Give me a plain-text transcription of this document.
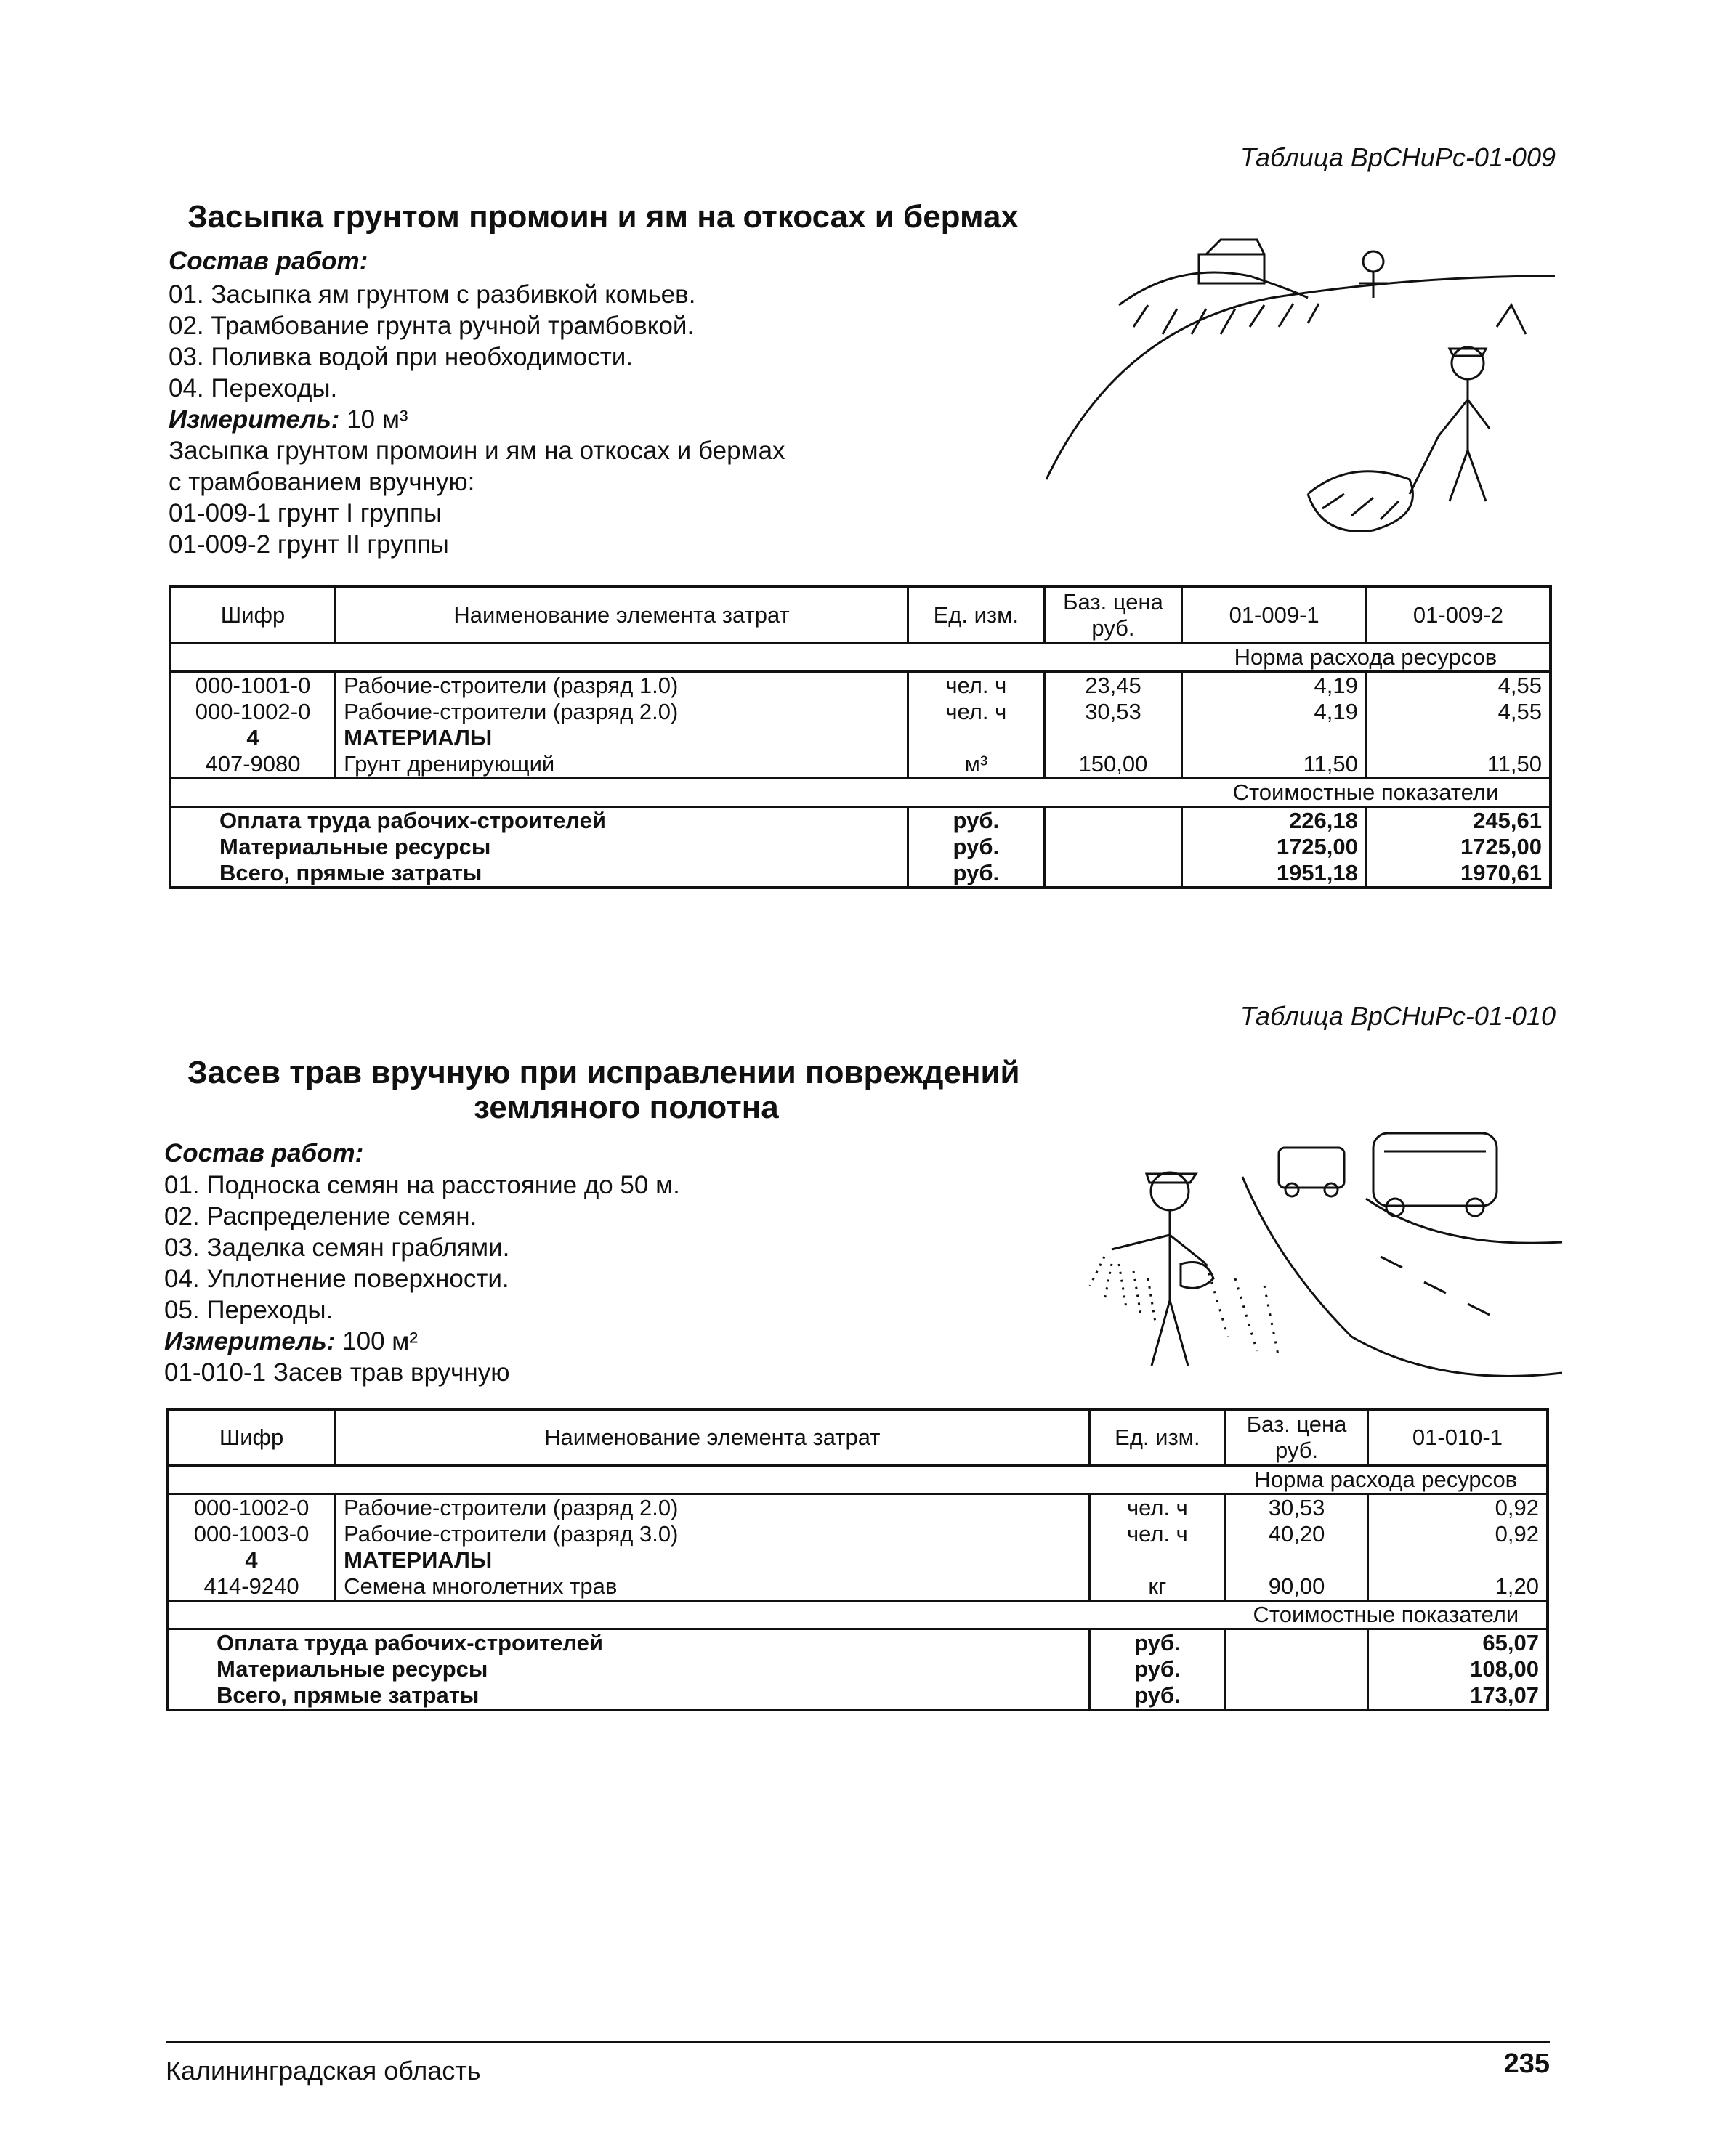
Таблица ВрСНиРс-01-009
Засыпка грунтом промоин и ям на откосах и бермах
Состав работ:
01. Засыпка ям грунтом с разбивкой комьев.
02. Трамбование грунта ручной трамбовкой.
03. Поливка водой при необходимости.
04. Переходы.
Измеритель: 10 м³
Засыпка грунтом промоин и ям на откосах и бермах
с трамбованием вручную:
01-009-1 грунт I группы
01-009-2 грунт II группы
Шифр	Наименование элемента затрат	Ед. изм.	Баз. цена руб.	01-009-1	01-009-2
				Норма расхода ресурсов	
000-1001-0	Рабочие-строители (разряд 1.0)	чел. ч	23,45	4,19	4,55
000-1002-0	Рабочие-строители (разряд 2.0)	чел. ч	30,53	4,19	4,55
4	МАТЕРИАЛЫ				
407-9080	Грунт дренирующий	м³	150,00	11,50	11,50
				Стоимостные показатели	
Оплата труда рабочих-строителей		руб.		226,18	245,61
Материальные ресурсы		руб.		1725,00	1725,00
Всего, прямые затраты		руб.		1951,18	1970,61
Таблица ВрСНиРс-01-010
Засев трав вручную при исправлении повреждений
земляного полотна
Состав работ:
01. Подноска семян на расстояние до 50 м.
02. Распределение семян.
03. Заделка семян граблями.
04. Уплотнение поверхности.
05. Переходы.
Измеритель: 100 м²
01-010-1 Засев трав вручную
Шифр	Наименование элемента затрат	Ед. изм.	Баз. цена руб.	01-010-1
			Норма расхода ресурсов	
000-1002-0	Рабочие-строители (разряд 2.0)	чел. ч	30,53	0,92
000-1003-0	Рабочие-строители (разряд 3.0)	чел. ч	40,20	0,92
4	МАТЕРИАЛЫ			
414-9240	Семена многолетних трав	кг	90,00	1,20
			Стоимостные показатели	
Оплата труда рабочих-строителей		руб.		65,07
Материальные ресурсы		руб.		108,00
Всего, прямые затраты		руб.		173,07
Калининградская область	235
